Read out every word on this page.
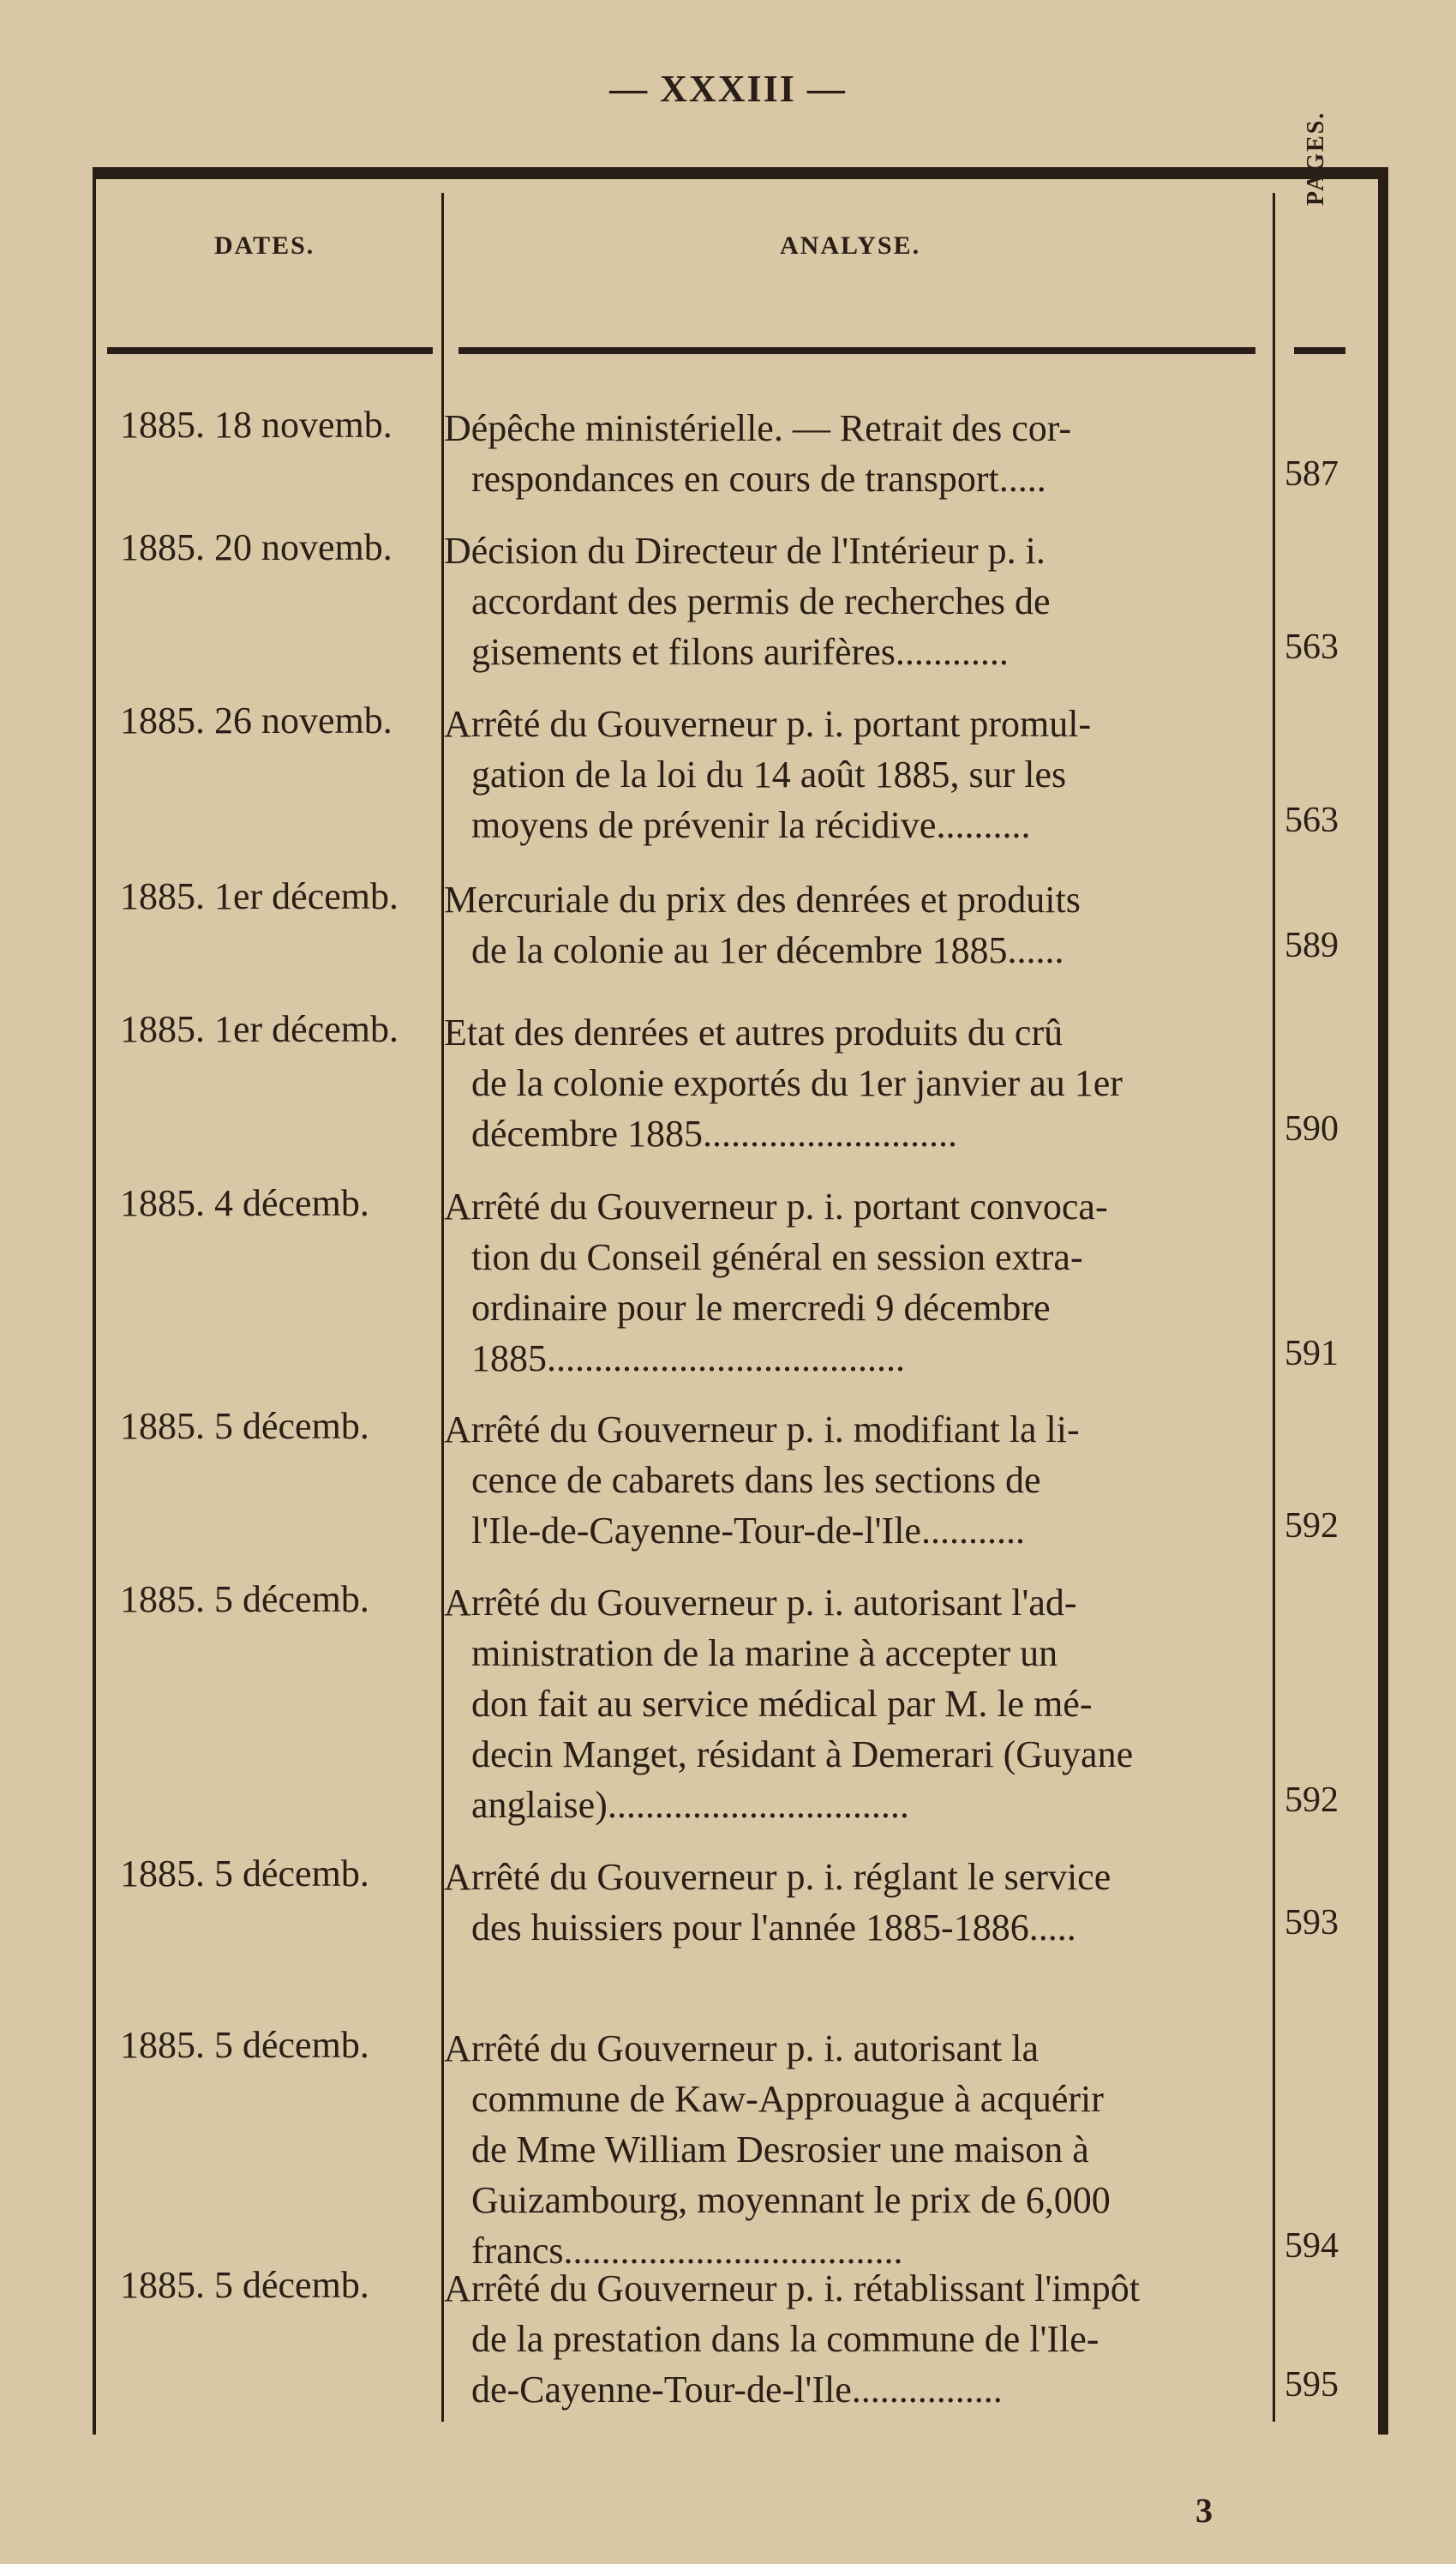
— XXXIII —
DATES.	ANALYSE.
PAGES.
1885. 18 novemb.	Dépêche ministérielle. — Retrait des cor-
respondances en cours de transport.....	587
1885. 20 novemb.	Décision du Directeur de l'Intérieur p. i.
accordant des permis de recherches de
gisements et filons aurifères............	563
1885. 26 novemb.	Arrêté du Gouverneur p. i. portant promul-
gation de la loi du 14 août 1885, sur les
moyens de prévenir la récidive..........	563
1885. 1er décemb.	Mercuriale du prix des denrées et produits
de la colonie au 1er décembre 1885......	589
1885. 1er décemb.	Etat des denrées et autres produits du crû
de la colonie exportés du 1er janvier au 1er
décembre 1885...........................	590
1885. 4 décemb.	Arrêté du Gouverneur p. i. portant convoca-
tion du Conseil général en session extra-
ordinaire pour le mercredi 9 décembre
1885......................................	591
1885. 5 décemb.	Arrêté du Gouverneur p. i. modifiant la li-
cence de cabarets dans les sections de
l'Ile-de-Cayenne-Tour-de-l'Ile...........	592
1885. 5 décemb.	Arrêté du Gouverneur p. i. autorisant l'ad-
ministration de la marine à accepter un
don fait au service médical par M. le mé-
decin Manget, résidant à Demerari (Guyane
anglaise)................................	592
1885. 5 décemb.	Arrêté du Gouverneur p. i. réglant le service
des huissiers pour l'année 1885-1886.....	593
1885. 5 décemb.	Arrêté du Gouverneur p. i. autorisant la
commune de Kaw-Approuague à acquérir
de Mme William Desrosier une maison à
Guizambourg, moyennant le prix de 6,000
francs....................................	594
1885. 5 décemb.	Arrêté du Gouverneur p. i. rétablissant l'impôt
de la prestation dans la commune de l'Ile-
de-Cayenne-Tour-de-l'Ile................	595
3
